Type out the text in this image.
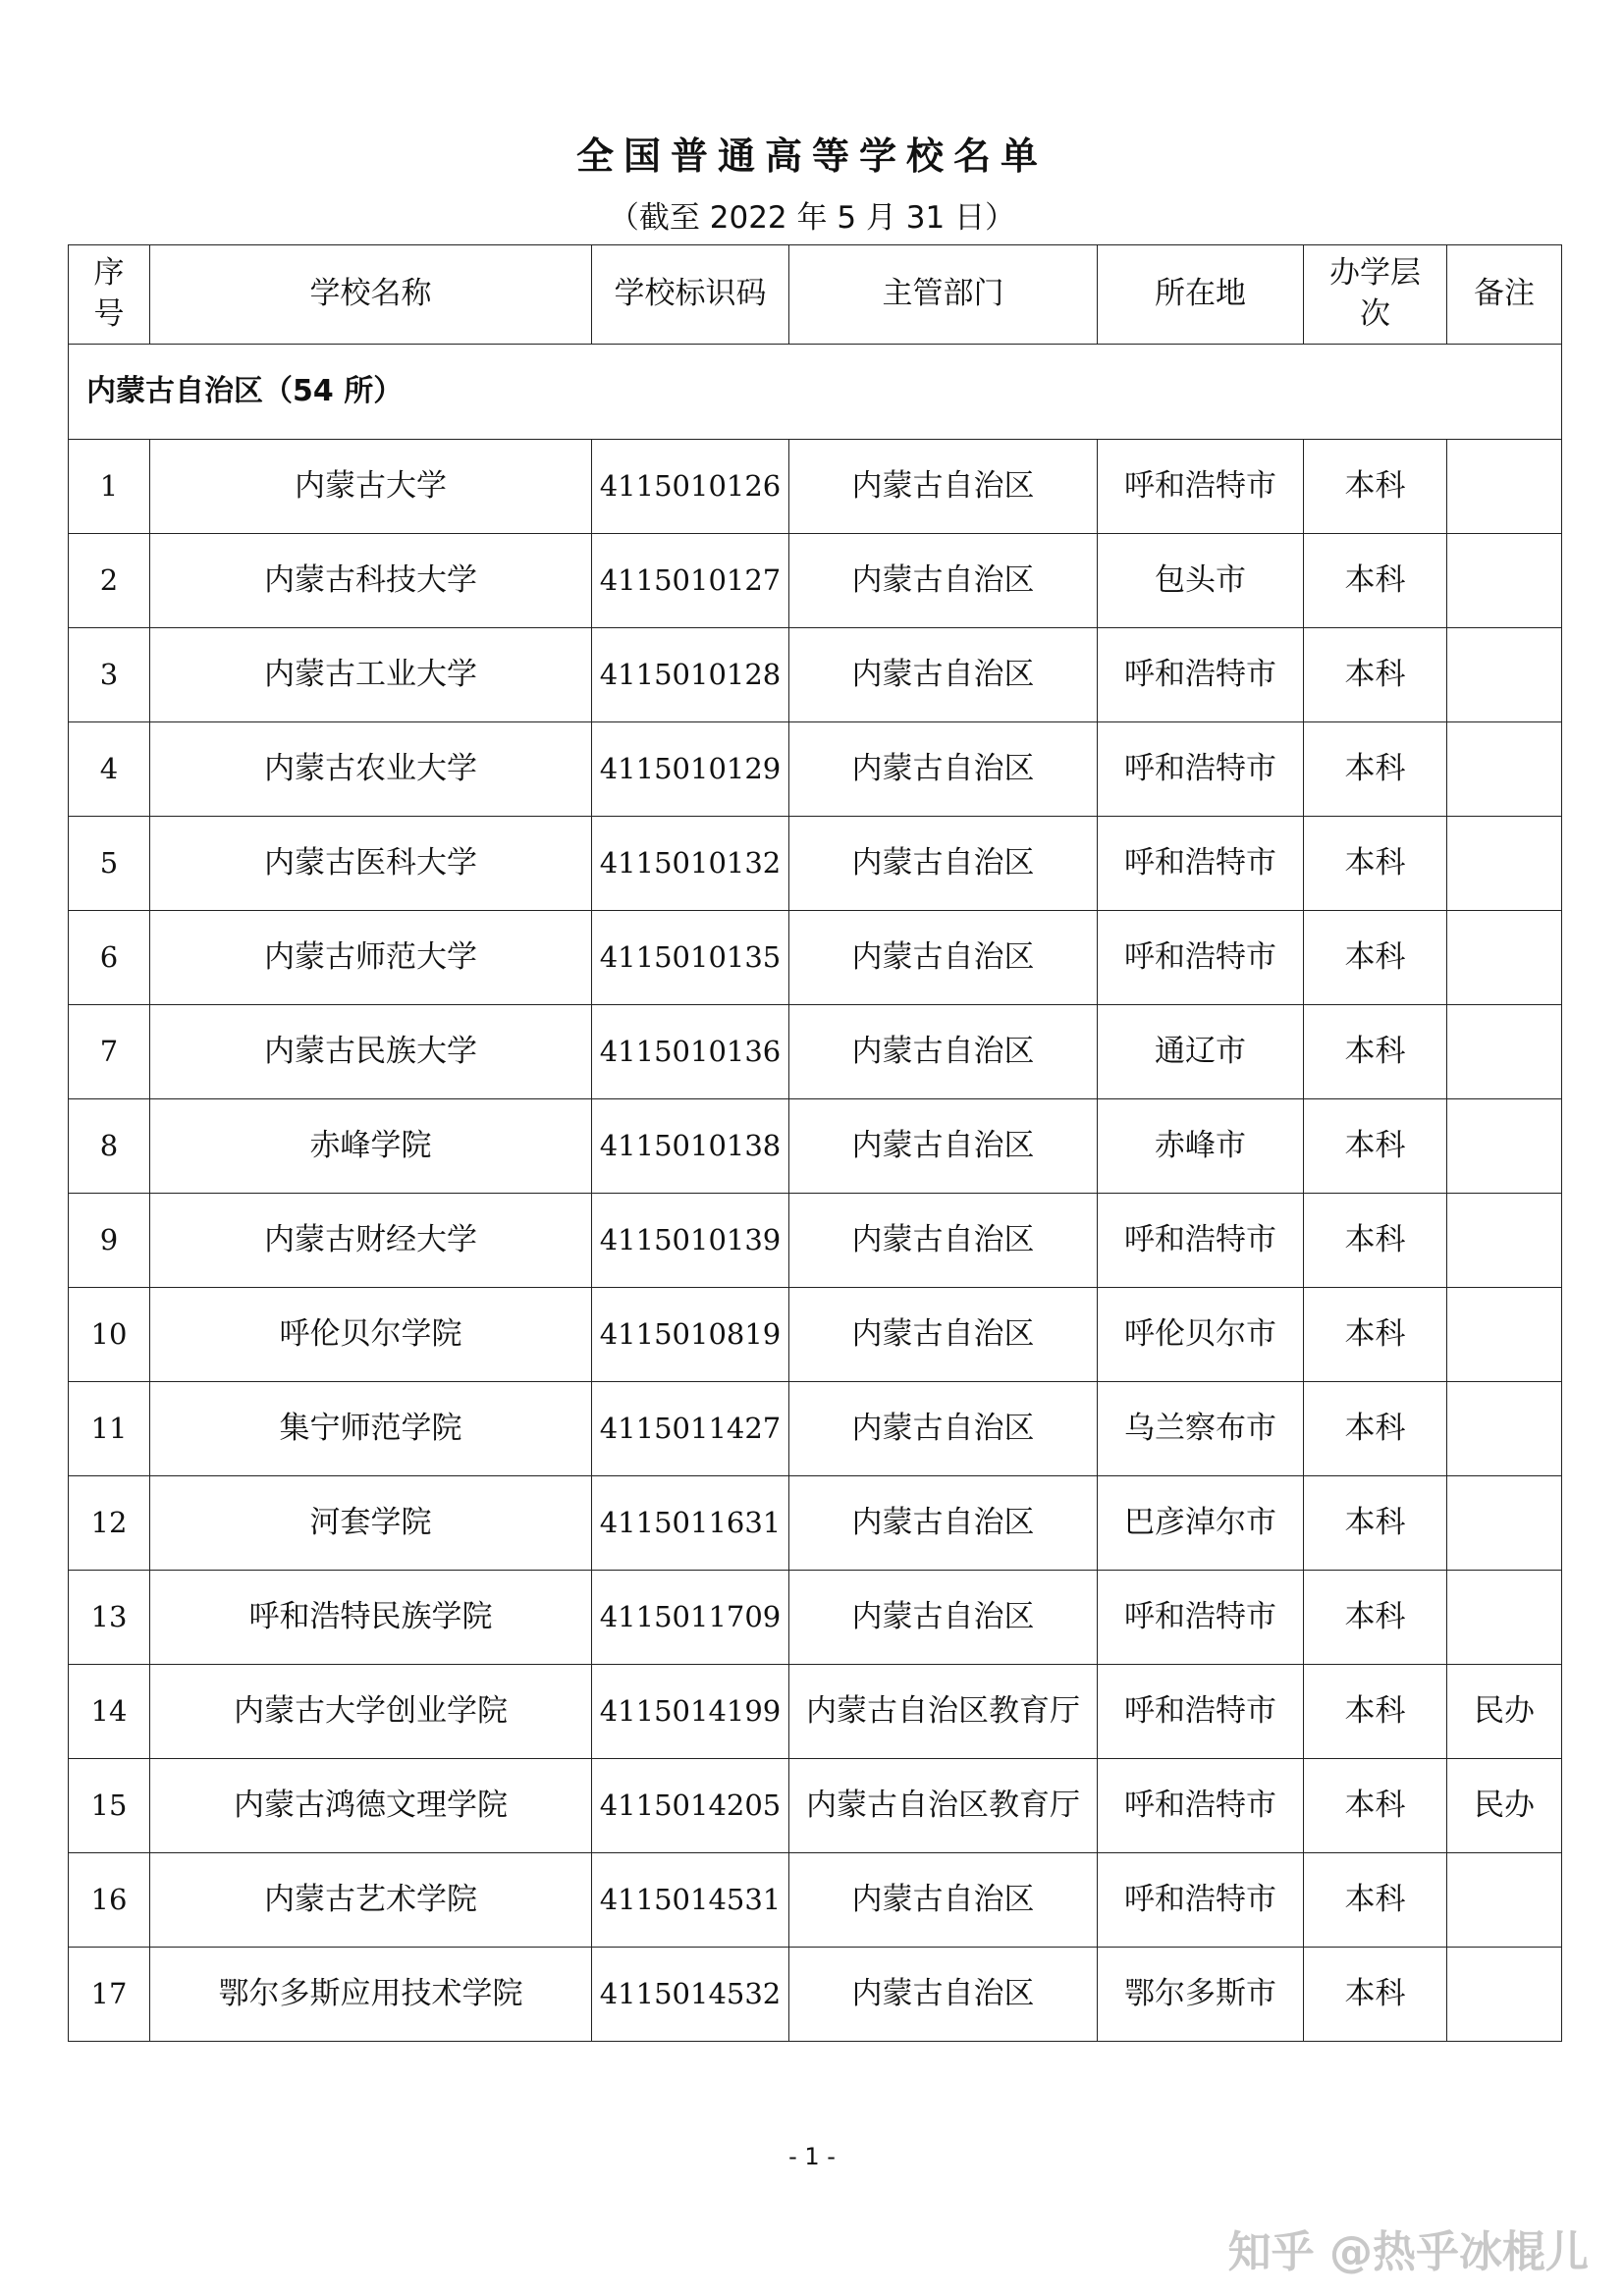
全国普通高等学校名单
（截至 2022 年 5 月 31 日）
序号	学校名称	学校标识码	主管部门	所在地	办学层次	备注
内蒙古自治区（54 所）						
1	内蒙古大学	4115010126	内蒙古自治区	呼和浩特市	本科	
2	内蒙古科技大学	4115010127	内蒙古自治区	包头市	本科	
3	内蒙古工业大学	4115010128	内蒙古自治区	呼和浩特市	本科	
4	内蒙古农业大学	4115010129	内蒙古自治区	呼和浩特市	本科	
5	内蒙古医科大学	4115010132	内蒙古自治区	呼和浩特市	本科	
6	内蒙古师范大学	4115010135	内蒙古自治区	呼和浩特市	本科	
7	内蒙古民族大学	4115010136	内蒙古自治区	通辽市	本科	
8	赤峰学院	4115010138	内蒙古自治区	赤峰市	本科	
9	内蒙古财经大学	4115010139	内蒙古自治区	呼和浩特市	本科	
10	呼伦贝尔学院	4115010819	内蒙古自治区	呼伦贝尔市	本科	
11	集宁师范学院	4115011427	内蒙古自治区	乌兰察布市	本科	
12	河套学院	4115011631	内蒙古自治区	巴彦淖尔市	本科	
13	呼和浩特民族学院	4115011709	内蒙古自治区	呼和浩特市	本科	
14	内蒙古大学创业学院	4115014199	内蒙古自治区教育厅	呼和浩特市	本科	民办
15	内蒙古鸿德文理学院	4115014205	内蒙古自治区教育厅	呼和浩特市	本科	民办
16	内蒙古艺术学院	4115014531	内蒙古自治区	呼和浩特市	本科	
17	鄂尔多斯应用技术学院	4115014532	内蒙古自治区	鄂尔多斯市	本科	
- 1 -
知乎 @热乎冰棍儿
